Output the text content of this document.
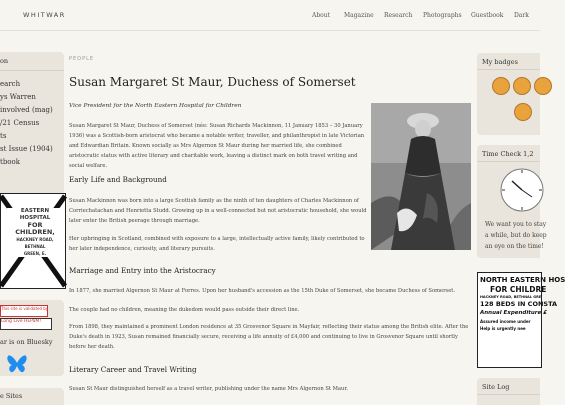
WHITWAR	About Magazine Research Photographs Guestbook Dark
on
earch
ys Warren
involved (mag)
/21 Census
ts
st Issue (1904)
tbook
EASTERN HOSPITAL
FOR CHILDREN,
HACKNEY ROAD,
BETHNAL
GREEN, E.
This site is validated by
Long Live HEPaM!
ar is on Bluesky
e Sites
PEOPLE
Susan Margaret St Maur, Duchess of Somerset
Vice President for the North Eastern Hospital for Children
Susan Margaret St Maur, Duchess of Somerset (née: Susan Richards Mackinnon, 11 January 1853 – 30 January 1936) was a Scottish-born aristocrat who became a notable writer, traveller, and philanthropist in late Victorian and Edwardian Britain. Known socially as Mrs Algernon St Maur during her married life, she combined aristocratic status with active literary and charitable work, leaving a distinct mark on both travel writing and social welfare.
Early Life and Background
Susan Mackinnon was born into a large Scottish family as the ninth of ten daughters of Charles Mackinnon of Corriechatachan and Henrietta Studd. Growing up in a well-connected but not aristocratic household, she would later enter the British peerage through marriage.
Her upbringing in Scotland, combined with exposure to a large, intellectually active family, likely contributed to her later independence, curiosity, and literary pursuits.
Marriage and Entry into the Aristocracy
In 1877, she married Algernon St Maur at Forres. Upon her husband's accession as the 15th Duke of Somerset, she became Duchess of Somerset.
The couple had no children, meaning the dukedom would pass outside their direct line.
From 1898, they maintained a prominent London residence at 35 Grosvenor Square in Mayfair, reflecting their status among the British elite. After the Duke's death in 1923, Susan remained financially secure, receiving a life annuity of £4,000 and continuing to live in Grosvenor Square until shortly before her death.
Literary Career and Travel Writing
Susan St Maur distinguished herself as a travel writer, publishing under the name Mrs Algernon St Maur.
My badges
Time Check 1,2
We want you to stay a while, but do keep an eye on the time!
NORTH EASTERN HOS
FOR CHILDRE
HACKNEY ROAD, BETHNAL GRE
128 BEDS IN CONSTA
Annual Expenditure £
Assured income under
Help is urgently nee
Site Log
